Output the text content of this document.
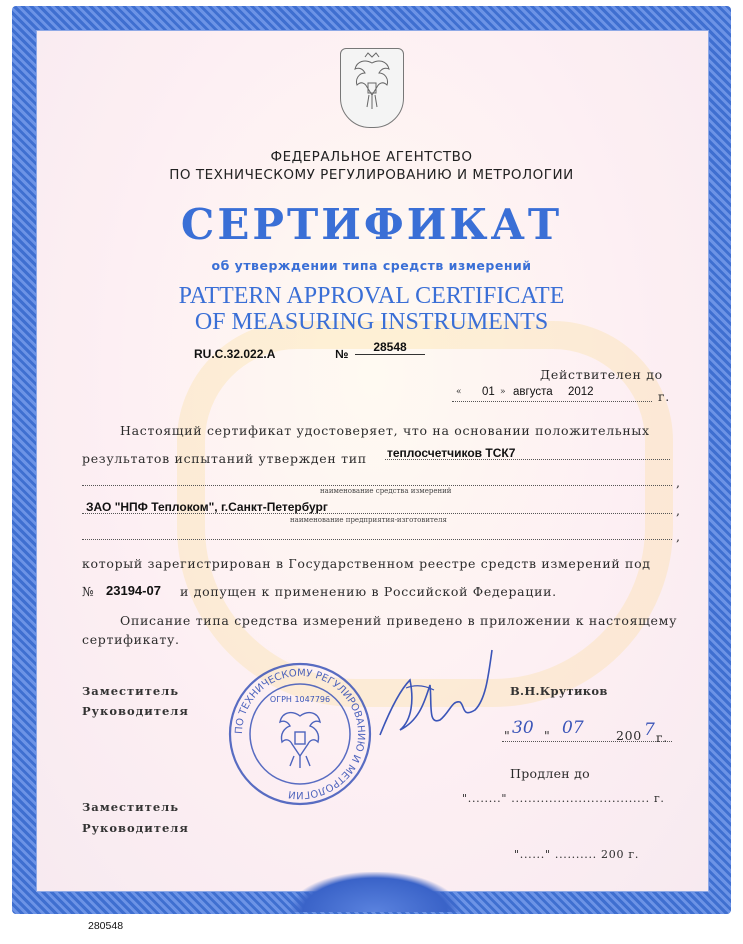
ФЕДЕРАЛЬНОЕ АГЕНТСТВО
ПО ТЕХНИЧЕСКОМУ РЕГУЛИРОВАНИЮ И МЕТРОЛОГИИ
СЕРТИФИКАТ
об утверждении типа средств измерений
PATTERN APPROVAL CERTIFICATE
OF MEASURING INSTRUMENTS
RU.C.32.022.A	№	28548
Действителен до
« 01 » августа 2012	г.
Настоящий сертификат удостоверяет, что на основании положительных
результатов испытаний утвержден тип теплосчетчиков ТСК7
,
наименование средства измерений
ЗАО "НПФ Теплоком", г.Санкт-Петербург	,
наименование предприятия-изготовителя
,
который зарегистрирован в Государственном реестре средств измерений под
№ 23194-07 и допущен к применению в Российской Федерации.
Описание типа средства измерений приведено в приложении к настоящему
сертификату.
Заместитель
Руководителя
ПО ТЕХНИЧЕСКОМУ РЕГУЛИРОВАНИЮ И МЕТРОЛОГИИ
ОГРН 1047796
В.Н.Крутиков
" 30 " 07	200 7 г.
Продлен до
"........" ................................. г.
Заместитель
Руководителя
"......" .......... 200 г.
280548
